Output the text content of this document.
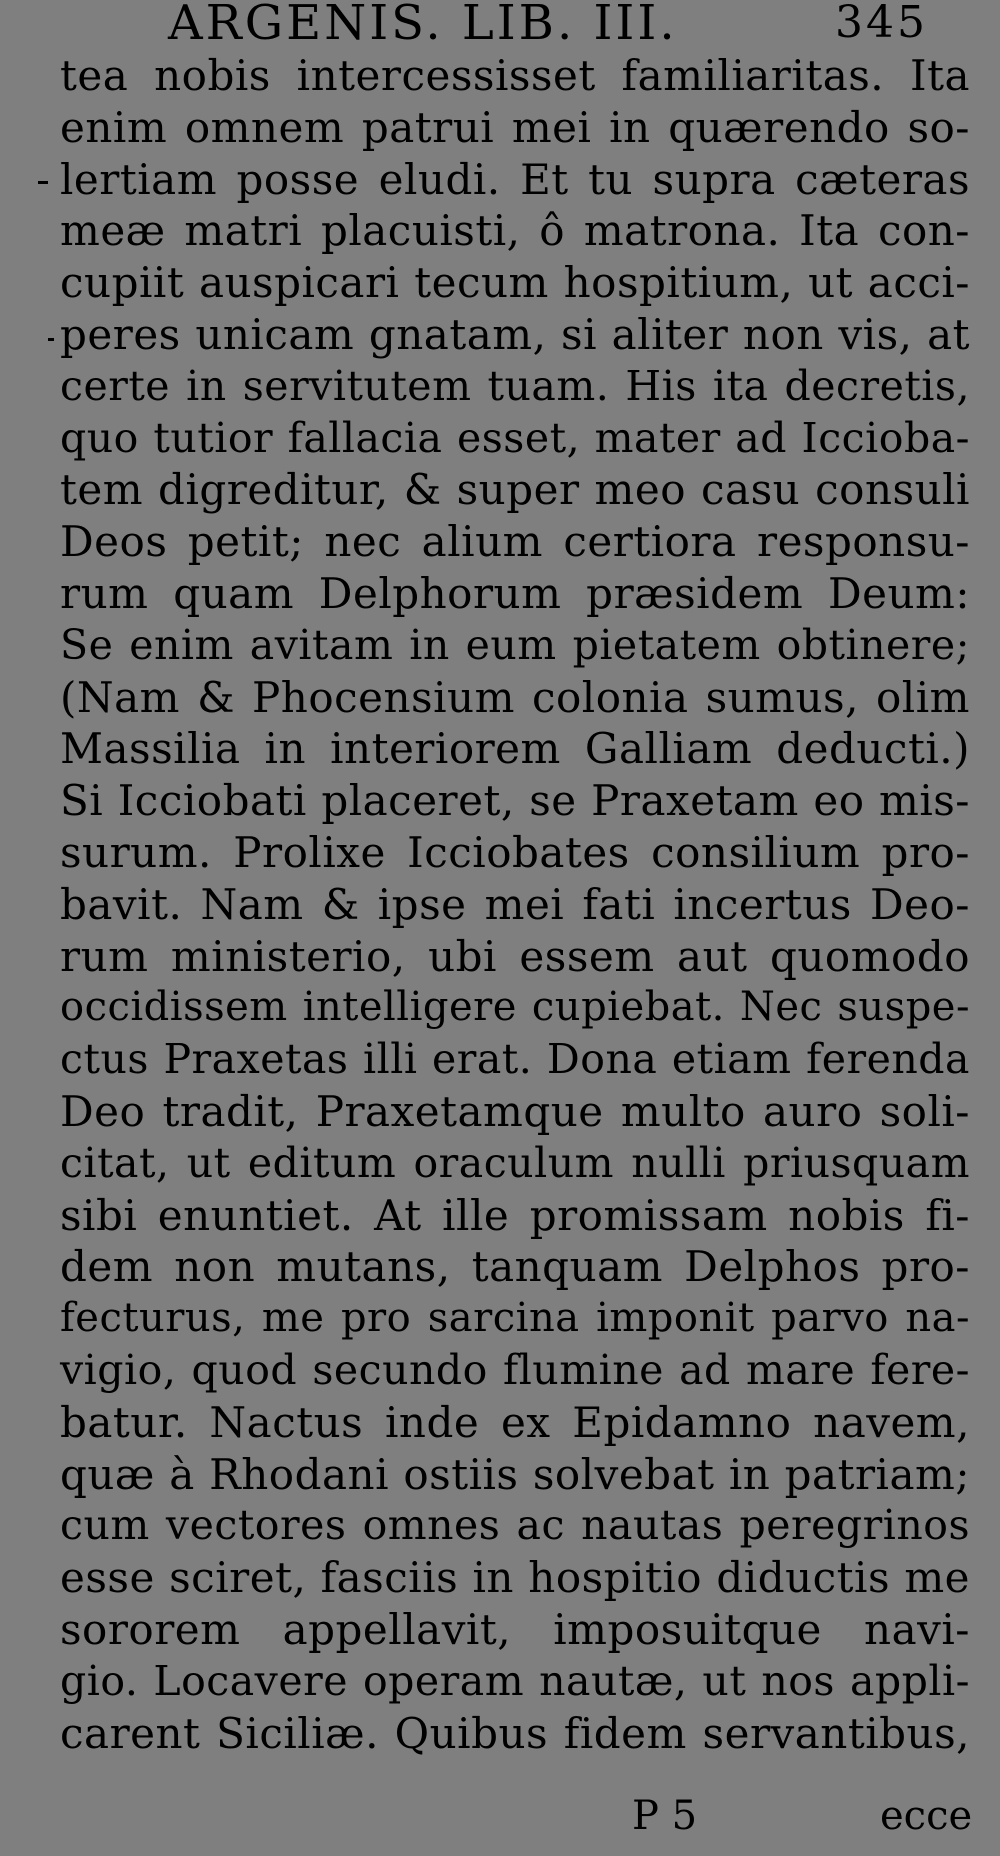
ARGENIS. LIB. III.	345
tea nobis intercessisset familiaritas. Ita
enim omnem patrui mei in quærendo so-
lertiam posse eludi. Et tu supra cæteras
meæ matri placuisti, ô matrona. Ita con-
cupiit auspicari tecum hospitium, ut acci-
peres unicam gnatam, si aliter non vis, at
certe in servitutem tuam. His ita decretis,
quo tutior fallacia esset, mater ad Iccioba-
tem digreditur, & super meo casu consuli
Deos petit; nec alium certiora responsu-
rum quam Delphorum præsidem Deum:
Se enim avitam in eum pietatem obtinere;
(Nam & Phocensium colonia sumus, olim
Massilia in interiorem Galliam deducti.)
Si Icciobati placeret, se Praxetam eo mis-
surum. Prolixe Icciobates consilium pro-
bavit. Nam & ipse mei fati incertus Deo-
rum ministerio, ubi essem aut quomodo
occidissem intelligere cupiebat. Nec suspe-
ctus Praxetas illi erat. Dona etiam ferenda
Deo tradit, Praxetamque multo auro soli-
citat, ut editum oraculum nulli priusquam
sibi enuntiet. At ille promissam nobis fi-
dem non mutans, tanquam Delphos pro-
fecturus, me pro sarcina imponit parvo na-
vigio, quod secundo flumine ad mare fere-
batur. Nactus inde ex Epidamno navem,
quæ à Rhodani ostiis solvebat in patriam;
cum vectores omnes ac nautas peregrinos
esse sciret, fasciis in hospitio diductis me
sororem appellavit, imposuitque navi-
gio. Locavere operam nautæ, ut nos appli-
carent Siciliæ. Quibus fidem servantibus,
P 5	ecce
